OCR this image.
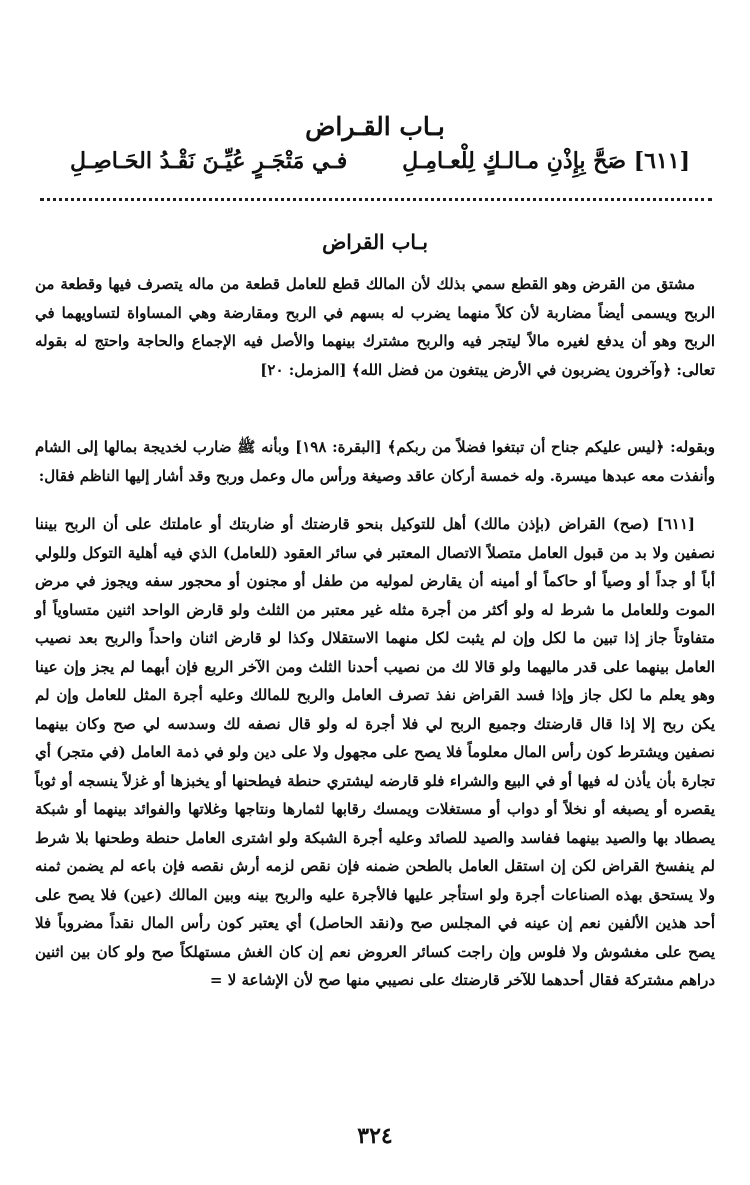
بـاب القـراض
[٦١١] صَحَّ بِإِذْنِ مـالـكٍ لِلْعـامِـلِ
فـي مَتْجَـرٍ عُيِّـنَ نَقْـدُ الحَـاصِـلِ
بـاب القراض

مشتق من القرض وهو القطع سمي بذلك لأن المالك قطع للعامل قطعة من ماله يتصرف فيها وقطعة من الربح ويسمى أيضاً مضاربة لأن كلاً منهما يضرب له بسهم في الربح ومقارضة وهي المساواة لتساويهما في الربح وهو أن يدفع لغيره مالاً ليتجر فيه والربح مشترك بينهما والأصل فيه الإجماع والحاجة واحتج له بقوله تعالى: ﴿وآخرون يضربون في الأرض يبتغون من فضل الله﴾ [المزمل: ٢٠]

وبقوله: ﴿ليس عليكم جناح أن تبتغوا فضلاً من ربكم﴾ [البقرة: ١٩٨] وبأنه ﷺ ضارب لخديجة بمالها إلى الشام وأنفذت معه عبدها ميسرة. وله خمسة أركان عاقد وصيغة ورأس مال وعمل وربح وقد أشار إليها الناظم فقال:

[٦١١] (صح) القراض (بإذن مالك) أهل للتوكيل بنحو قارضتك أو ضاربتك أو عاملتك على أن الربح بيننا نصفين ولا بد من قبول العامل متصلاً الاتصال المعتبر في سائر العقود (للعامل) الذي فيه أهلية التوكل وللولي أباً أو جداً أو وصياً أو حاكماً أو أمينه أن يقارض لموليه من طفل أو مجنون أو محجور سفه ويجوز في مرض الموت وللعامل ما شرط له ولو أكثر من أجرة مثله غير معتبر من الثلث ولو قارض الواحد اثنين متساوياً أو متفاوتاً جاز إذا تبين ما لكل وإن لم يثبت لكل منهما الاستقلال وكذا لو قارض اثنان واحداً والربح بعد نصيب العامل بينهما على قدر ماليهما ولو قالا لك من نصيب أحدنا الثلث ومن الآخر الربع فإن أبهما لم يجز وإن عينا وهو يعلم ما لكل جاز وإذا فسد القراض نفذ تصرف العامل والربح للمالك وعليه أجرة المثل للعامل وإن لم يكن ربح إلا إذا قال قارضتك وجميع الربح لي فلا أجرة له ولو قال نصفه لك وسدسه لي صح وكان بينهما نصفين ويشترط كون رأس المال معلوماً فلا يصح على مجهول ولا على دين ولو في ذمة العامل (في متجر) أي تجارة بأن يأذن له فيها أو في البيع والشراء فلو قارضه ليشتري حنطة فيطحنها أو يخبزها أو غزلاً ينسجه أو ثوباً يقصره أو يصبغه أو نخلاً أو دواب أو مستغلات ويمسك رقابها لثمارها ونتاجها وغلاتها والفوائد بينهما أو شبكة يصطاد بها والصيد بينهما ففاسد والصيد للصائد وعليه أجرة الشبكة ولو اشترى العامل حنطة وطحنها بلا شرط لم ينفسخ القراض لكن إن استقل العامل بالطحن ضمنه فإن نقص لزمه أرش نقصه فإن باعه لم يضمن ثمنه ولا يستحق بهذه الصناعات أجرة ولو استأجر عليها فالأجرة عليه والربح بينه وبين المالك (عين) فلا يصح على أحد هذين الألفين نعم إن عينه في المجلس صح و(نقد الحاصل) أي يعتبر كون رأس المال نقداً مضروباً فلا يصح على مغشوش ولا فلوس وإن راجت كسائر العروض نعم إن كان الغش مستهلكاً صح ولو كان بين اثنين دراهم مشتركة فقال أحدهما للآخر قارضتك على نصيبي منها صح لأن الإشاعة لا =

٣٢٤
